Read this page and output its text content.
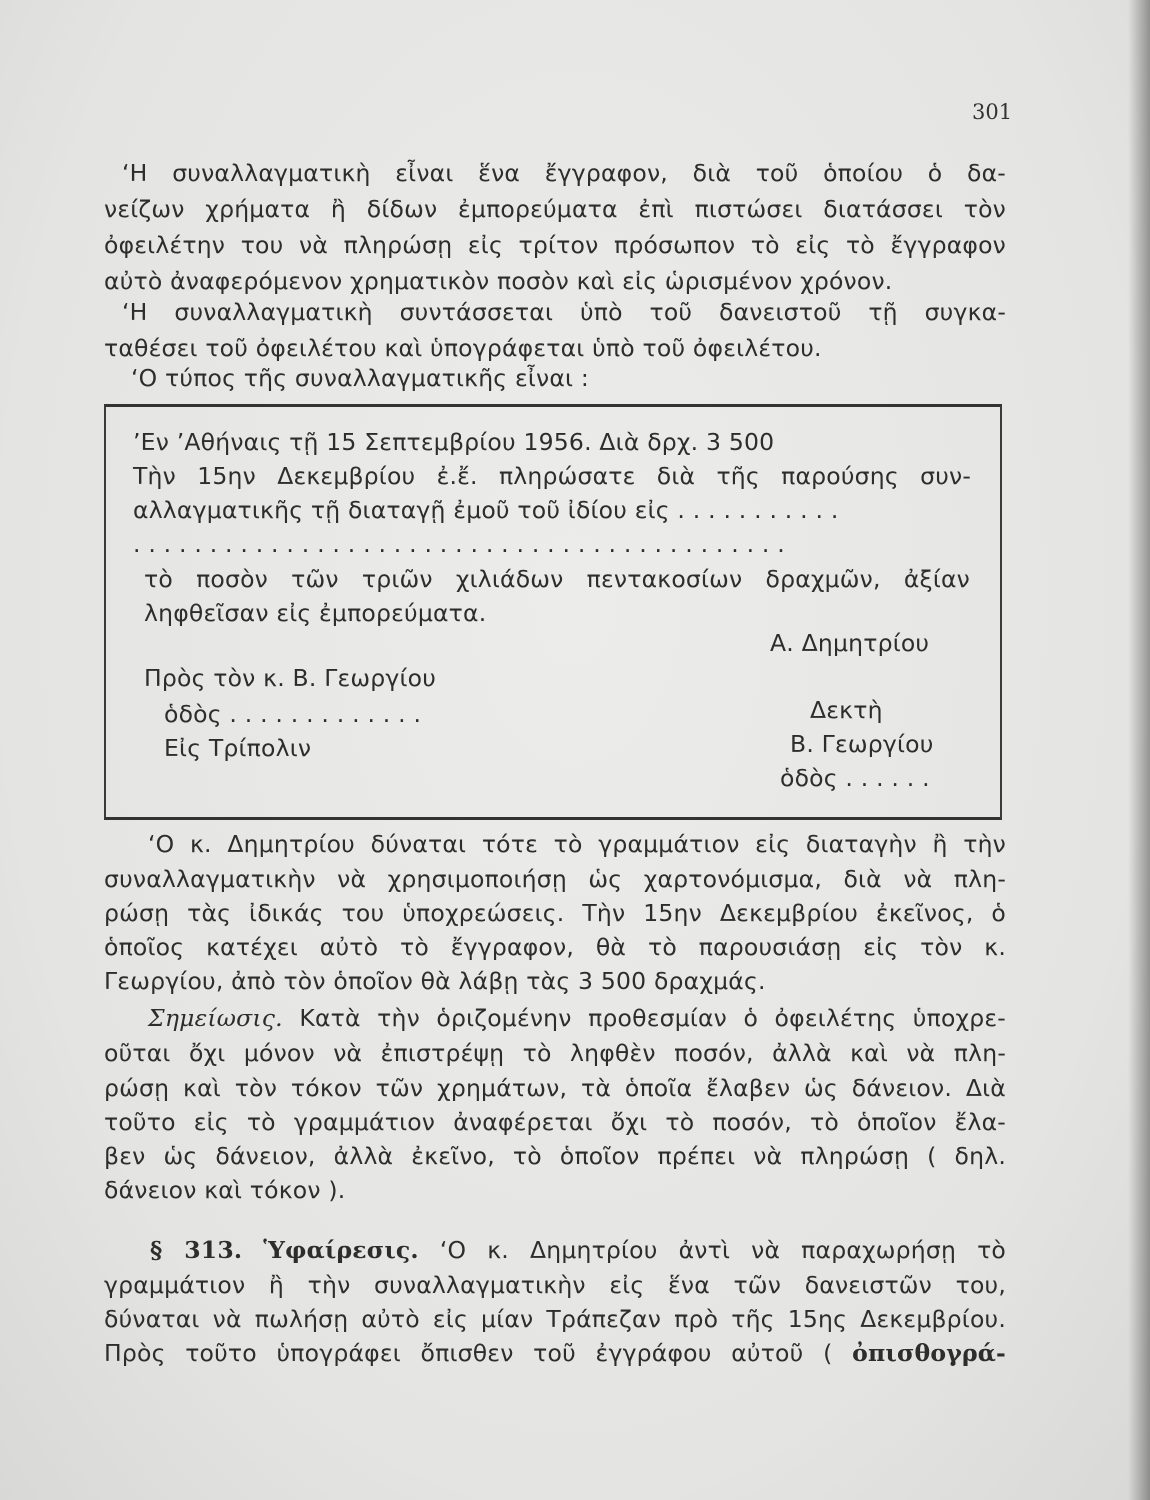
301
‘Η συναλλαγματικὴ εἶναι ἕνα ἔγγραφον, διὰ τοῦ ὁποίου ὁ δα-
νείζων χρήματα ἢ δίδων ἐμπορεύματα ἐπὶ πιστώσει διατάσσει τὸν
ὀφειλέτην του νὰ πληρώσῃ εἰς τρίτον πρόσωπον τὸ εἰς τὸ ἔγγραφον
αὐτὸ ἀναφερόμενον χρηματικὸν ποσὸν καὶ εἰς ὡρισμένον χρόνον.
‘Η συναλλαγματικὴ συντάσσεται ὑπὸ τοῦ δανειστοῦ τῇ συγκα-
ταθέσει τοῦ ὀφειλέτου καὶ ὑπογράφεται ὑπὸ τοῦ ὀφειλέτου.
‘Ο τύπος τῆς συναλλαγματικῆς εἶναι :
’Εν ’Αθήναις τῇ 15 Σεπτεμβρίου 1956. Διὰ δρχ. 3 500
Τὴν 15ην Δεκεμβρίου ἐ.ἔ. πληρώσατε διὰ τῆς παρούσης συν-
αλλαγματικῆς τῇ διαταγῇ ἐμοῦ τοῦ ἰδίου εἰς . . . . . . . . . . .
. . . . . . . . . . . . . . . . . . . . . . . . . . . . . . . . . . . . . . . . . . .
τὸ ποσὸν τῶν τριῶν χιλιάδων πεντακοσίων δραχμῶν, ἀξίαν
ληφθεῖσαν εἰς ἐμπορεύματα.
Α. Δημητρίου
Πρὸς τὸν κ. Β. Γεωργίου
ὁδὸς . . . . . . . . . . . . .	Δεκτὴ
Εἰς Τρίπολιν	Β. Γεωργίου
ὁδὸς . . . . . .
‘Ο κ. Δημητρίου δύναται τότε τὸ γραμμάτιον εἰς διαταγὴν ἢ τὴν
συναλλαγματικὴν νὰ χρησιμοποιήσῃ ὡς χαρτονόμισμα, διὰ νὰ πλη-
ρώσῃ τὰς ἰδικάς του ὑποχρεώσεις. Τὴν 15ην Δεκεμβρίου ἐκεῖνος, ὁ
ὁποῖος κατέχει αὐτὸ τὸ ἔγγραφον, θὰ τὸ παρουσιάσῃ εἰς τὸν κ.
Γεωργίου, ἀπὸ τὸν ὁποῖον θὰ λάβῃ τὰς 3 500 δραχμάς.
Σημείωσις. Κατὰ τὴν ὁριζομένην προθεσμίαν ὁ ὀφειλέτης ὑποχρε-
οῦται ὄχι μόνον νὰ ἐπιστρέψῃ τὸ ληφθὲν ποσόν, ἀλλὰ καὶ νὰ πλη-
ρώσῃ καὶ τὸν τόκον τῶν χρημάτων, τὰ ὁποῖα ἔλαβεν ὡς δάνειον. Διὰ
τοῦτο εἰς τὸ γραμμάτιον ἀναφέρεται ὄχι τὸ ποσόν, τὸ ὁποῖον ἔλα-
βεν ὡς δάνειον, ἀλλὰ ἐκεῖνο, τὸ ὁποῖον πρέπει νὰ πληρώσῃ ( δηλ.
δάνειον καὶ τόκον ).
§ 313. Ὑφαίρεσις. ‘Ο κ. Δημητρίου ἀντὶ νὰ παραχωρήσῃ τὸ
γραμμάτιον ἢ τὴν συναλλαγματικὴν εἰς ἕνα τῶν δανειστῶν του,
δύναται νὰ πωλήσῃ αὐτὸ εἰς μίαν Τράπεζαν πρὸ τῆς 15ης Δεκεμβρίου.
Πρὸς τοῦτο ὑπογράφει ὄπισθεν τοῦ ἐγγράφου αὐτοῦ ( ὀπισθογρά-
